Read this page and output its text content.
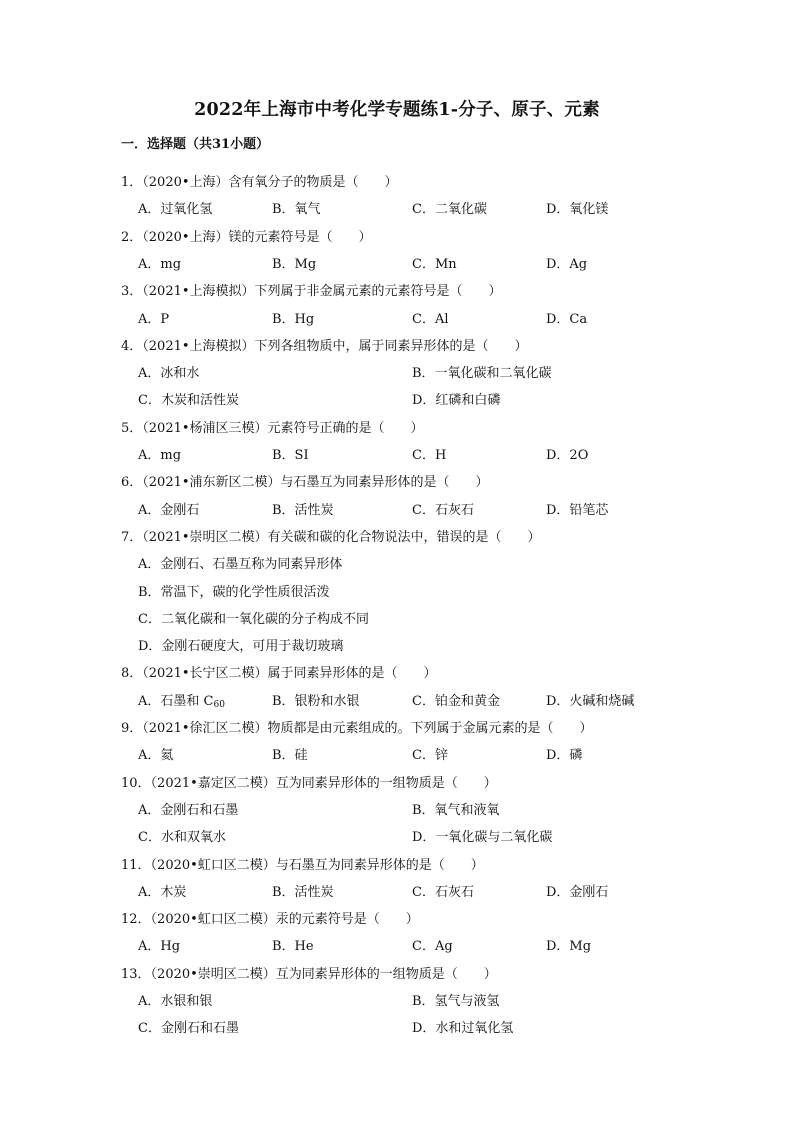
2022年上海市中考化学专题练1-分子、原子、元素
一．选择题（共31小题）
1．（2020•上海）含有氧分子的物质是（　　）
A．过氧化氢	B．氧气	C．二氧化碳	D．氧化镁
2．（2020•上海）镁的元素符号是（　　）
A．mg	B．Mg	C．Mn	D．Ag
3．（2021•上海模拟）下列属于非金属元素的元素符号是（　　）
A．P	B．Hg	C．Al	D．Ca
4．（2021•上海模拟）下列各组物质中，属于同素异形体的是（　　）
A．冰和水	B．一氧化碳和二氧化碳
C．木炭和活性炭	D．红磷和白磷
5．（2021•杨浦区三模）元素符号正确的是（　　）
A．mg	B．SI	C．H	D．2O
6．（2021•浦东新区二模）与石墨互为同素异形体的是（　　）
A．金刚石	B．活性炭	C．石灰石	D．铅笔芯
7．（2021•崇明区二模）有关碳和碳的化合物说法中，错误的是（　　）
A．金刚石、石墨互称为同素异形体
B．常温下，碳的化学性质很活泼
C．二氧化碳和一氧化碳的分子构成不同
D．金刚石硬度大，可用于裁切玻璃
8．（2021•长宁区二模）属于同素异形体的是（　　）
A．石墨和 $C_{60}$	B．银粉和水银	C．铂金和黄金	D．火碱和烧碱
9．（2021•徐汇区二模）物质都是由元素组成的。下列属于金属元素的是（　　）
A．氦	B．硅	C．锌	D．磷
10．（2021•嘉定区二模）互为同素异形体的一组物质是（　　）
A．金刚石和石墨	B．氧气和液氧
C．水和双氧水	D．一氧化碳与二氧化碳
11．（2020•虹口区二模）与石墨互为同素异形体的是（　　）
A．木炭	B．活性炭	C．石灰石	D．金刚石
12．（2020•虹口区二模）汞的元素符号是（　　）
A．Hg	B．He	C．Ag	D．Mg
13．（2020•崇明区二模）互为同素异形体的一组物质是（　　）
A．水银和银	B．氢气与液氢
C．金刚石和石墨	D．水和过氧化氢
